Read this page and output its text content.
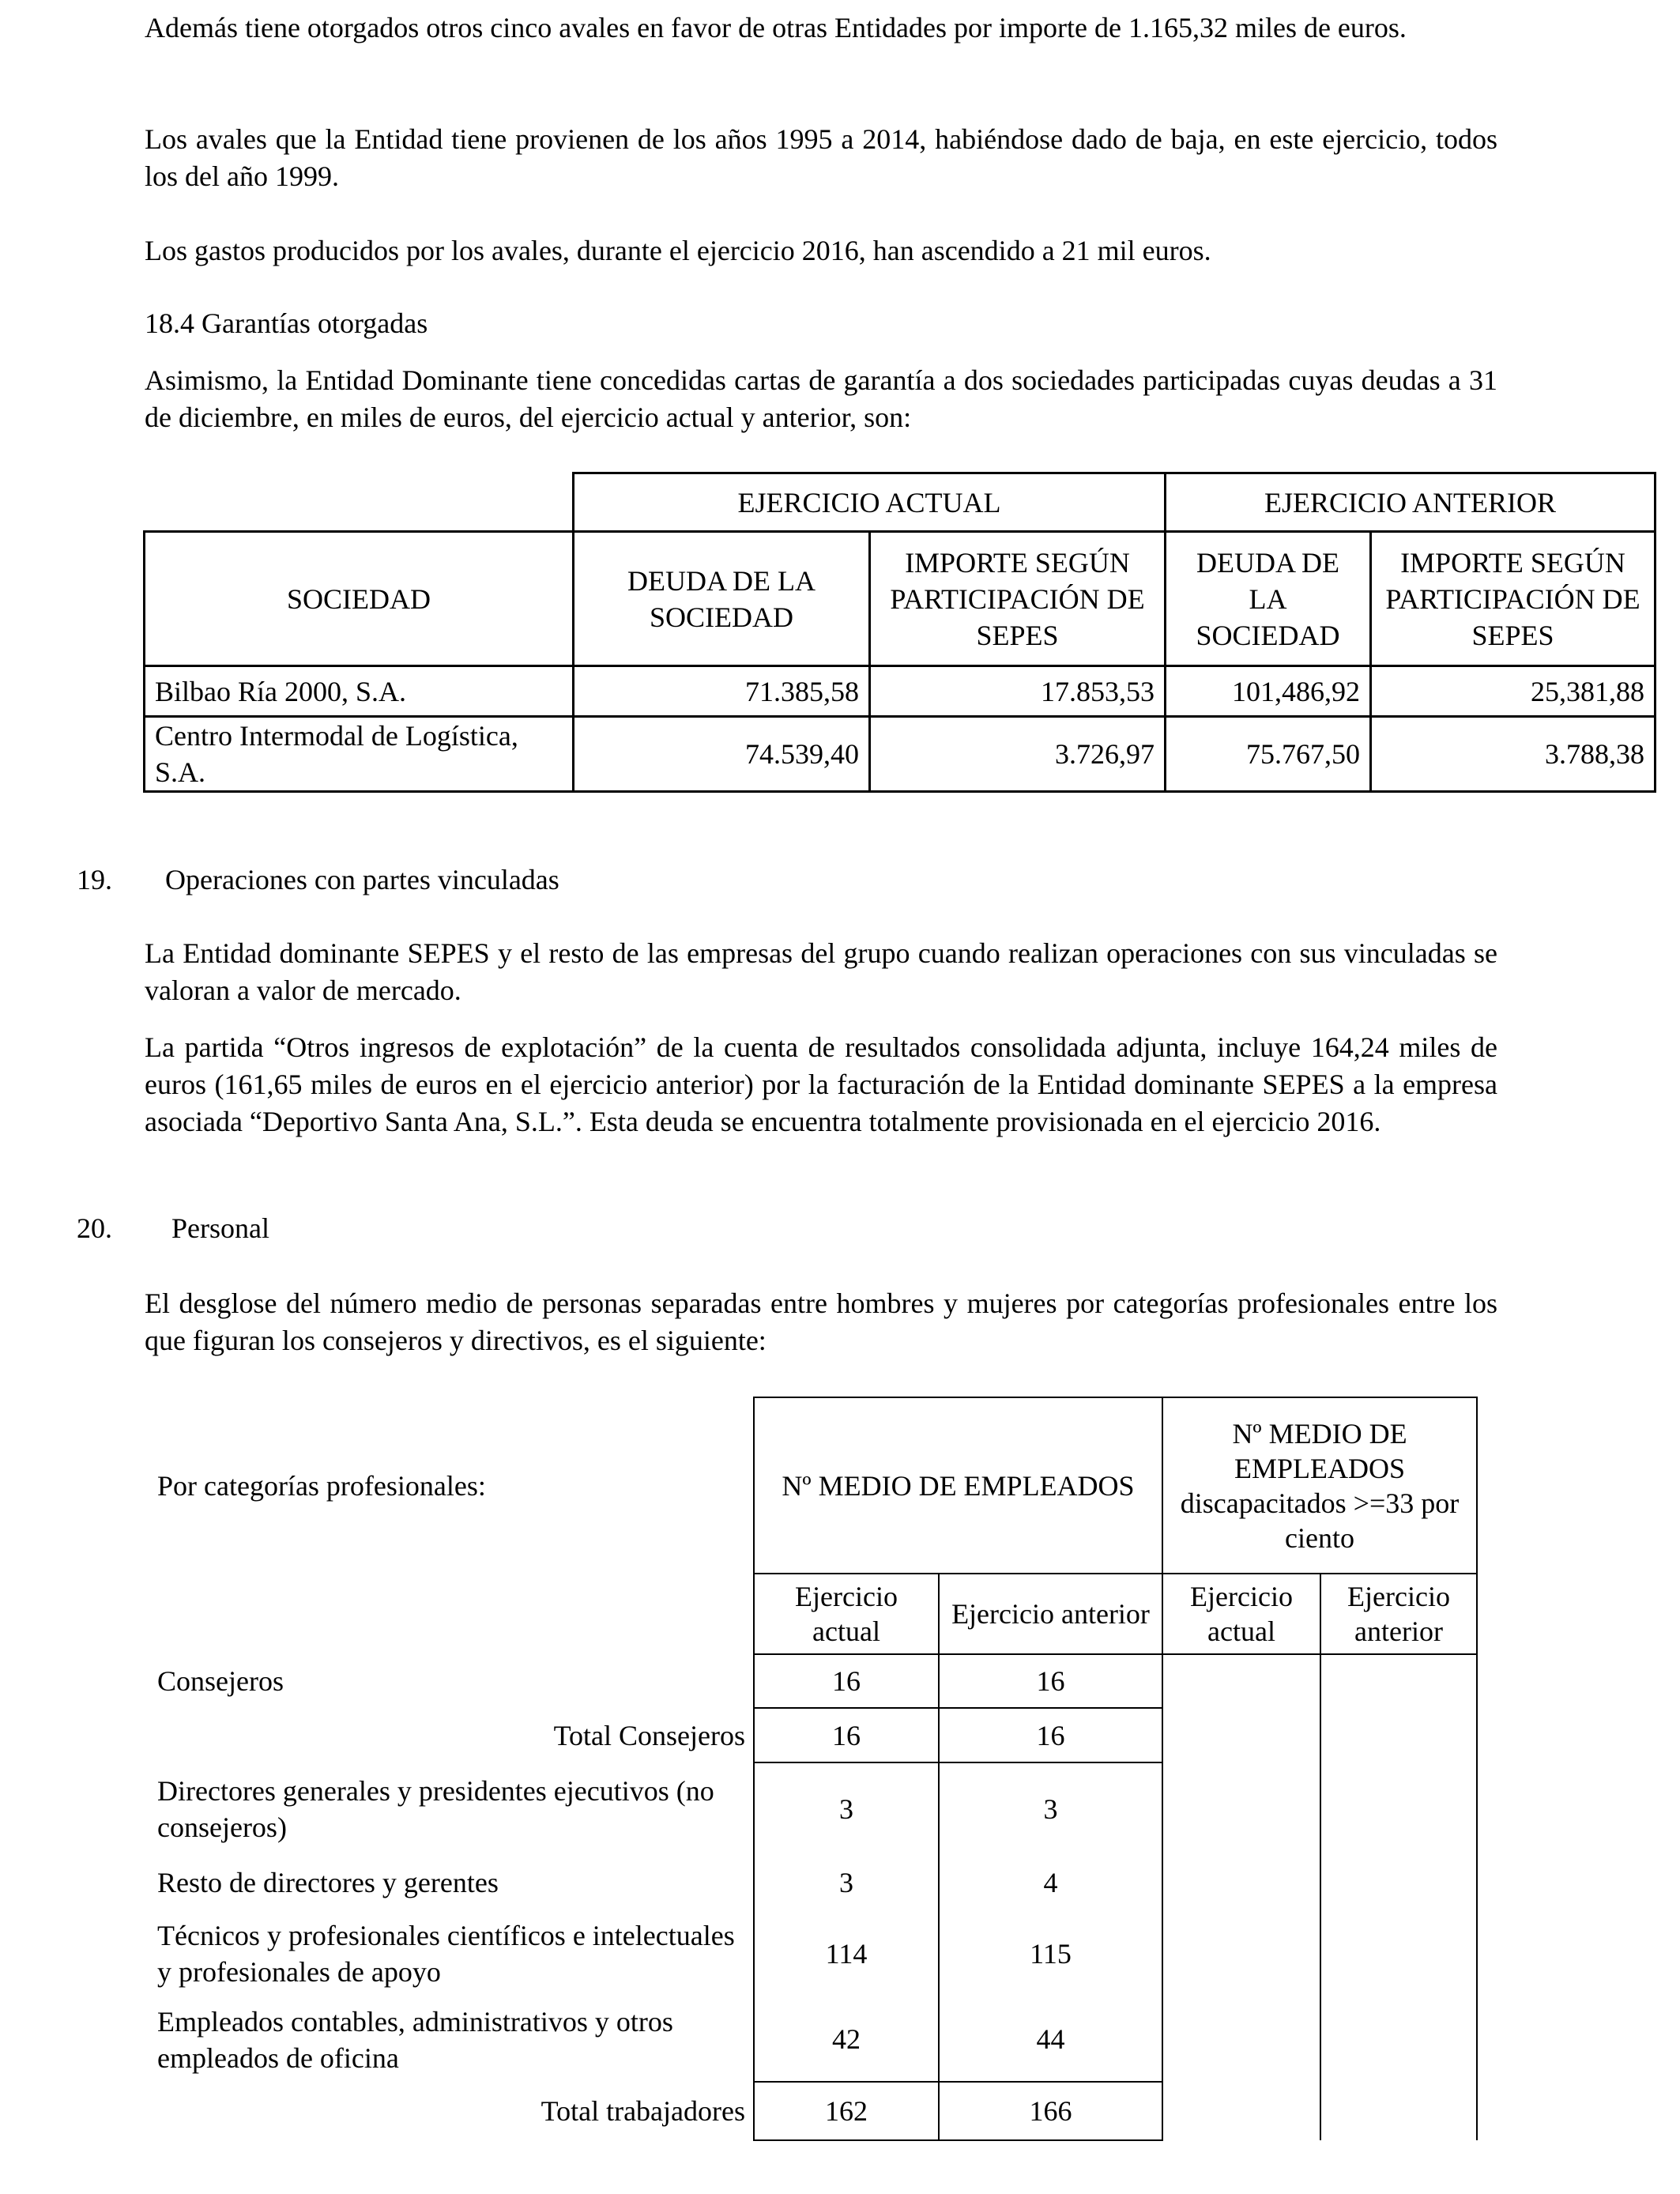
Además tiene otorgados otros cinco avales en favor de otras Entidades por importe de 1.165,32 miles de euros.

Los avales que la Entidad tiene provienen de los años 1995 a 2014, habiéndose dado de baja, en este ejercicio, todos los del año 1999.

Los gastos producidos por los avales, durante el ejercicio 2016, han ascendido a 21 mil euros.

18.4 Garantías otorgadas

Asimismo, la Entidad Dominante tiene concedidas cartas de garantía a dos sociedades participadas cuyas deudas a 31 de diciembre, en miles de euros, del ejercicio actual y anterior, son:

	EJERCICIO ACTUAL		EJERCICIO ANTERIOR	
SOCIEDAD	DEUDA DE LA SOCIEDAD	IMPORTE SEGÚN PARTICIPACIÓN DE SEPES	DEUDA DE LA SOCIEDAD	IMPORTE SEGÚN PARTICIPACIÓN DE SEPES
Bilbao Ría 2000, S.A.	71.385,58	17.853,53	101,486,92	25,381,88
Centro Intermodal de Logística, S.A.	74.539,40	3.726,97	75.767,50	3.788,38

19. Operaciones con partes vinculadas

La Entidad dominante SEPES y el resto de las empresas del grupo cuando realizan operaciones con sus vinculadas se valoran a valor de mercado.

La partida “Otros ingresos de explotación” de la cuenta de resultados consolidada adjunta, incluye 164,24 miles de euros (161,65 miles de euros en el ejercicio anterior) por la facturación de la Entidad dominante SEPES a la empresa asociada “Deportivo Santa Ana, S.L.”. Esta deuda se encuentra totalmente provisionada en el ejercicio 2016.

20. Personal

El desglose del número medio de personas separadas entre hombres y mujeres por categorías profesionales entre los que figuran los consejeros y directivos, es el siguiente:

Por categorías profesionales:	Nº MEDIO DE EMPLEADOS		Nº MEDIO DE EMPLEADOS
discapacitados >=33 por ciento	
	Ejercicio actual	Ejercicio anterior	Ejercicio actual	Ejercicio anterior
Consejeros	16	16		
Total Consejeros	16	16		
Directores generales y presidentes ejecutivos (no consejeros)	3	3		
Resto de directores y gerentes	3	4		
Técnicos y profesionales científicos e intelectuales y profesionales de apoyo	114	115		
Empleados contables, administrativos y otros empleados de oficina	42	44		
Total trabajadores	162	166		
